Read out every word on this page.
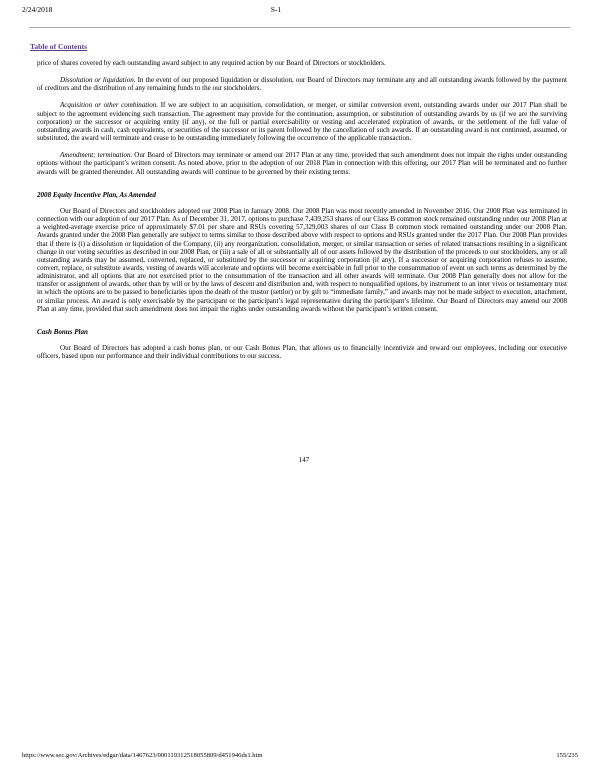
2/24/2018	S-1
Table of Contents

price of shares covered by each outstanding award subject to any required action by our Board of Directors or stockholders.

Dissolution or liquidation. In the event of our proposed liquidation or dissolution, our Board of Directors may terminate any and all outstanding awards followed by the payment of creditors and the distribution of any remaining funds to the our stockholders.

Acquisition or other combination. If we are subject to an acquisition, consolidation, or merger, or similar conversion event, outstanding awards under our 2017 Plan shall be subject to the agreement evidencing such transaction. The agreement may provide for the continuation, assumption, or substitution of outstanding awards by us (if we are the surviving corporation) or the successor or acquiring entity (if any), or the full or partial exercisability or vesting and accelerated expiration of awards, or the settlement of the full value of outstanding awards in cash, cash equivalents, or securities of the successor or its parent followed by the cancellation of such awards. If an outstanding award is not continued, assumed, or substituted, the award will terminate and cease to be outstanding immediately following the occurrence of the applicable transaction.

Amendment; termination. Our Board of Directors may terminate or amend our 2017 Plan at any time, provided that such amendment does not impair the rights under outstanding options without the participant’s written consent. As noted above, prior to the adoption of our 2018 Plan in connection with this offering, our 2017 Plan will be terminated and no further awards will be granted thereunder. All outstanding awards will continue to be governed by their existing terms.

2008 Equity Incentive Plan, As Amended

Our Board of Directors and stockholders adopted our 2008 Plan in January 2008. Our 2008 Plan was most recently amended in November 2016. Our 2008 Plan was terminated in connection with our adoption of our 2017 Plan. As of December 31, 2017, options to purchase 7,439,253 shares of our Class B common stock remained outstanding under our 2008 Plan at a weighted-average exercise price of approximately $7.01 per share and RSUs covering 57,329,003 shares of our Class B common stock remained outstanding under our 2008 Plan. Awards granted under the 2008 Plan generally are subject to terms similar to those described above with respect to options and RSUs granted under the 2017 Plan. Our 2008 Plan provides that if there is (i) a dissolution or liquidation of the Company, (ii) any reorganization, consolidation, merger, or similar transaction or series of related transactions resulting in a significant change in our voting securities as described in our 2008 Plan, or (iii) a sale of all or substantially all of our assets followed by the distribution of the proceeds to our stockholders, any or all outstanding awards may be assumed, converted, replaced, or substituted by the successor or acquiring corporation (if any). If a successor or acquiring corporation refuses to assume, convert, replace, or substitute awards, vesting of awards will accelerate and options will become exercisable in full prior to the consummation of event on such terms as determined by the administrator, and all options that are not exercised prior to the consummation of the transaction and all other awards will terminate. Our 2008 Plan generally does not allow for the transfer or assignment of awards, other than by will or by the laws of descent and distribution and, with respect to nonqualified options, by instrument to an inter vivos or testamentary trust in which the options are to be passed to beneficiaries upon the death of the trustor (settlor) or by gift to “immediate family,” and awards may not be made subject to execution, attachment, or similar process. An award is only exercisable by the participant or the participant’s legal representative during the participant’s lifetime. Our Board of Directors may amend our 2008 Plan at any time, provided that such amendment does not impair the rights under outstanding awards without the participant’s written consent.

Cash Bonus Plan

Our Board of Directors has adopted a cash bonus plan, or our Cash Bonus Plan, that allows us to financially incentivize and reward our employees, including our executive officers, based upon our performance and their individual contributions to our success.

147
https://www.sec.gov/Archives/edgar/data/1467623/000119312518055809/d451946ds1.htm	155/235
